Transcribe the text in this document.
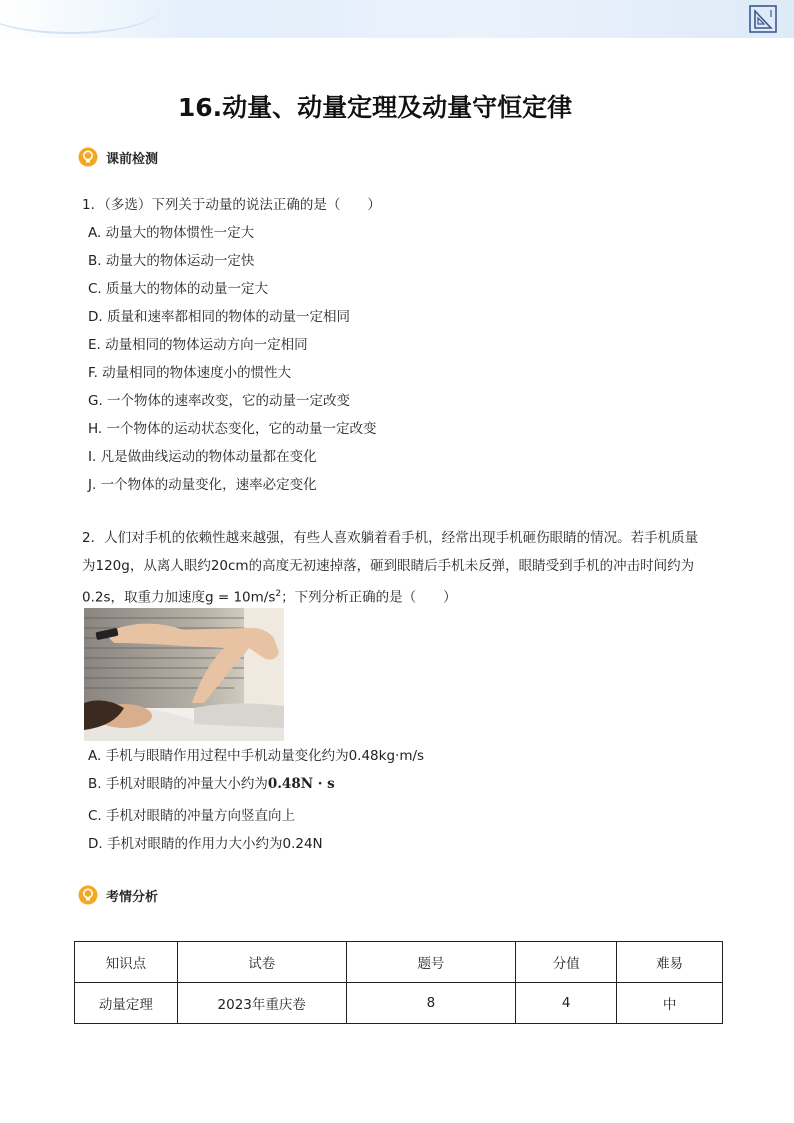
16.动量、动量定理及动量守恒定律
课前检测
1．（多选）下列关于动量的说法正确的是（　　）
A. 动量大的物体惯性一定大
B. 动量大的物体运动一定快
C. 质量大的物体的动量一定大
D. 质量和速率都相同的物体的动量一定相同
E. 动量相同的物体运动方向一定相同
F. 动量相同的物体速度小的惯性大
G. 一个物体的速率改变，它的动量一定改变
H. 一个物体的运动状态变化，它的动量一定改变
I. 凡是做曲线运动的物体动量都在变化
J. 一个物体的动量变化，速率必定变化
2．人们对手机的依赖性越来越强，有些人喜欢躺着看手机，经常出现手机砸伤眼睛的情况。若手机质量
为120g，从离人眼约20cm的高度无初速掉落，砸到眼睛后手机未反弹，眼睛受到手机的冲击时间约为
0.2s，取重力加速度$g = 10m/s^2$；下列分析正确的是（　　）
A. 手机与眼睛作用过程中手机动量变化约为0.48kg·m/s
B. 手机对眼睛的冲量大小约为0.48N · s
C. 手机对眼睛的冲量方向竖直向上
D. 手机对眼睛的作用力大小约为0.24N
考情分析
知识点	试卷	题号	分值	难易
动量定理	2023年重庆卷	8	4	中
